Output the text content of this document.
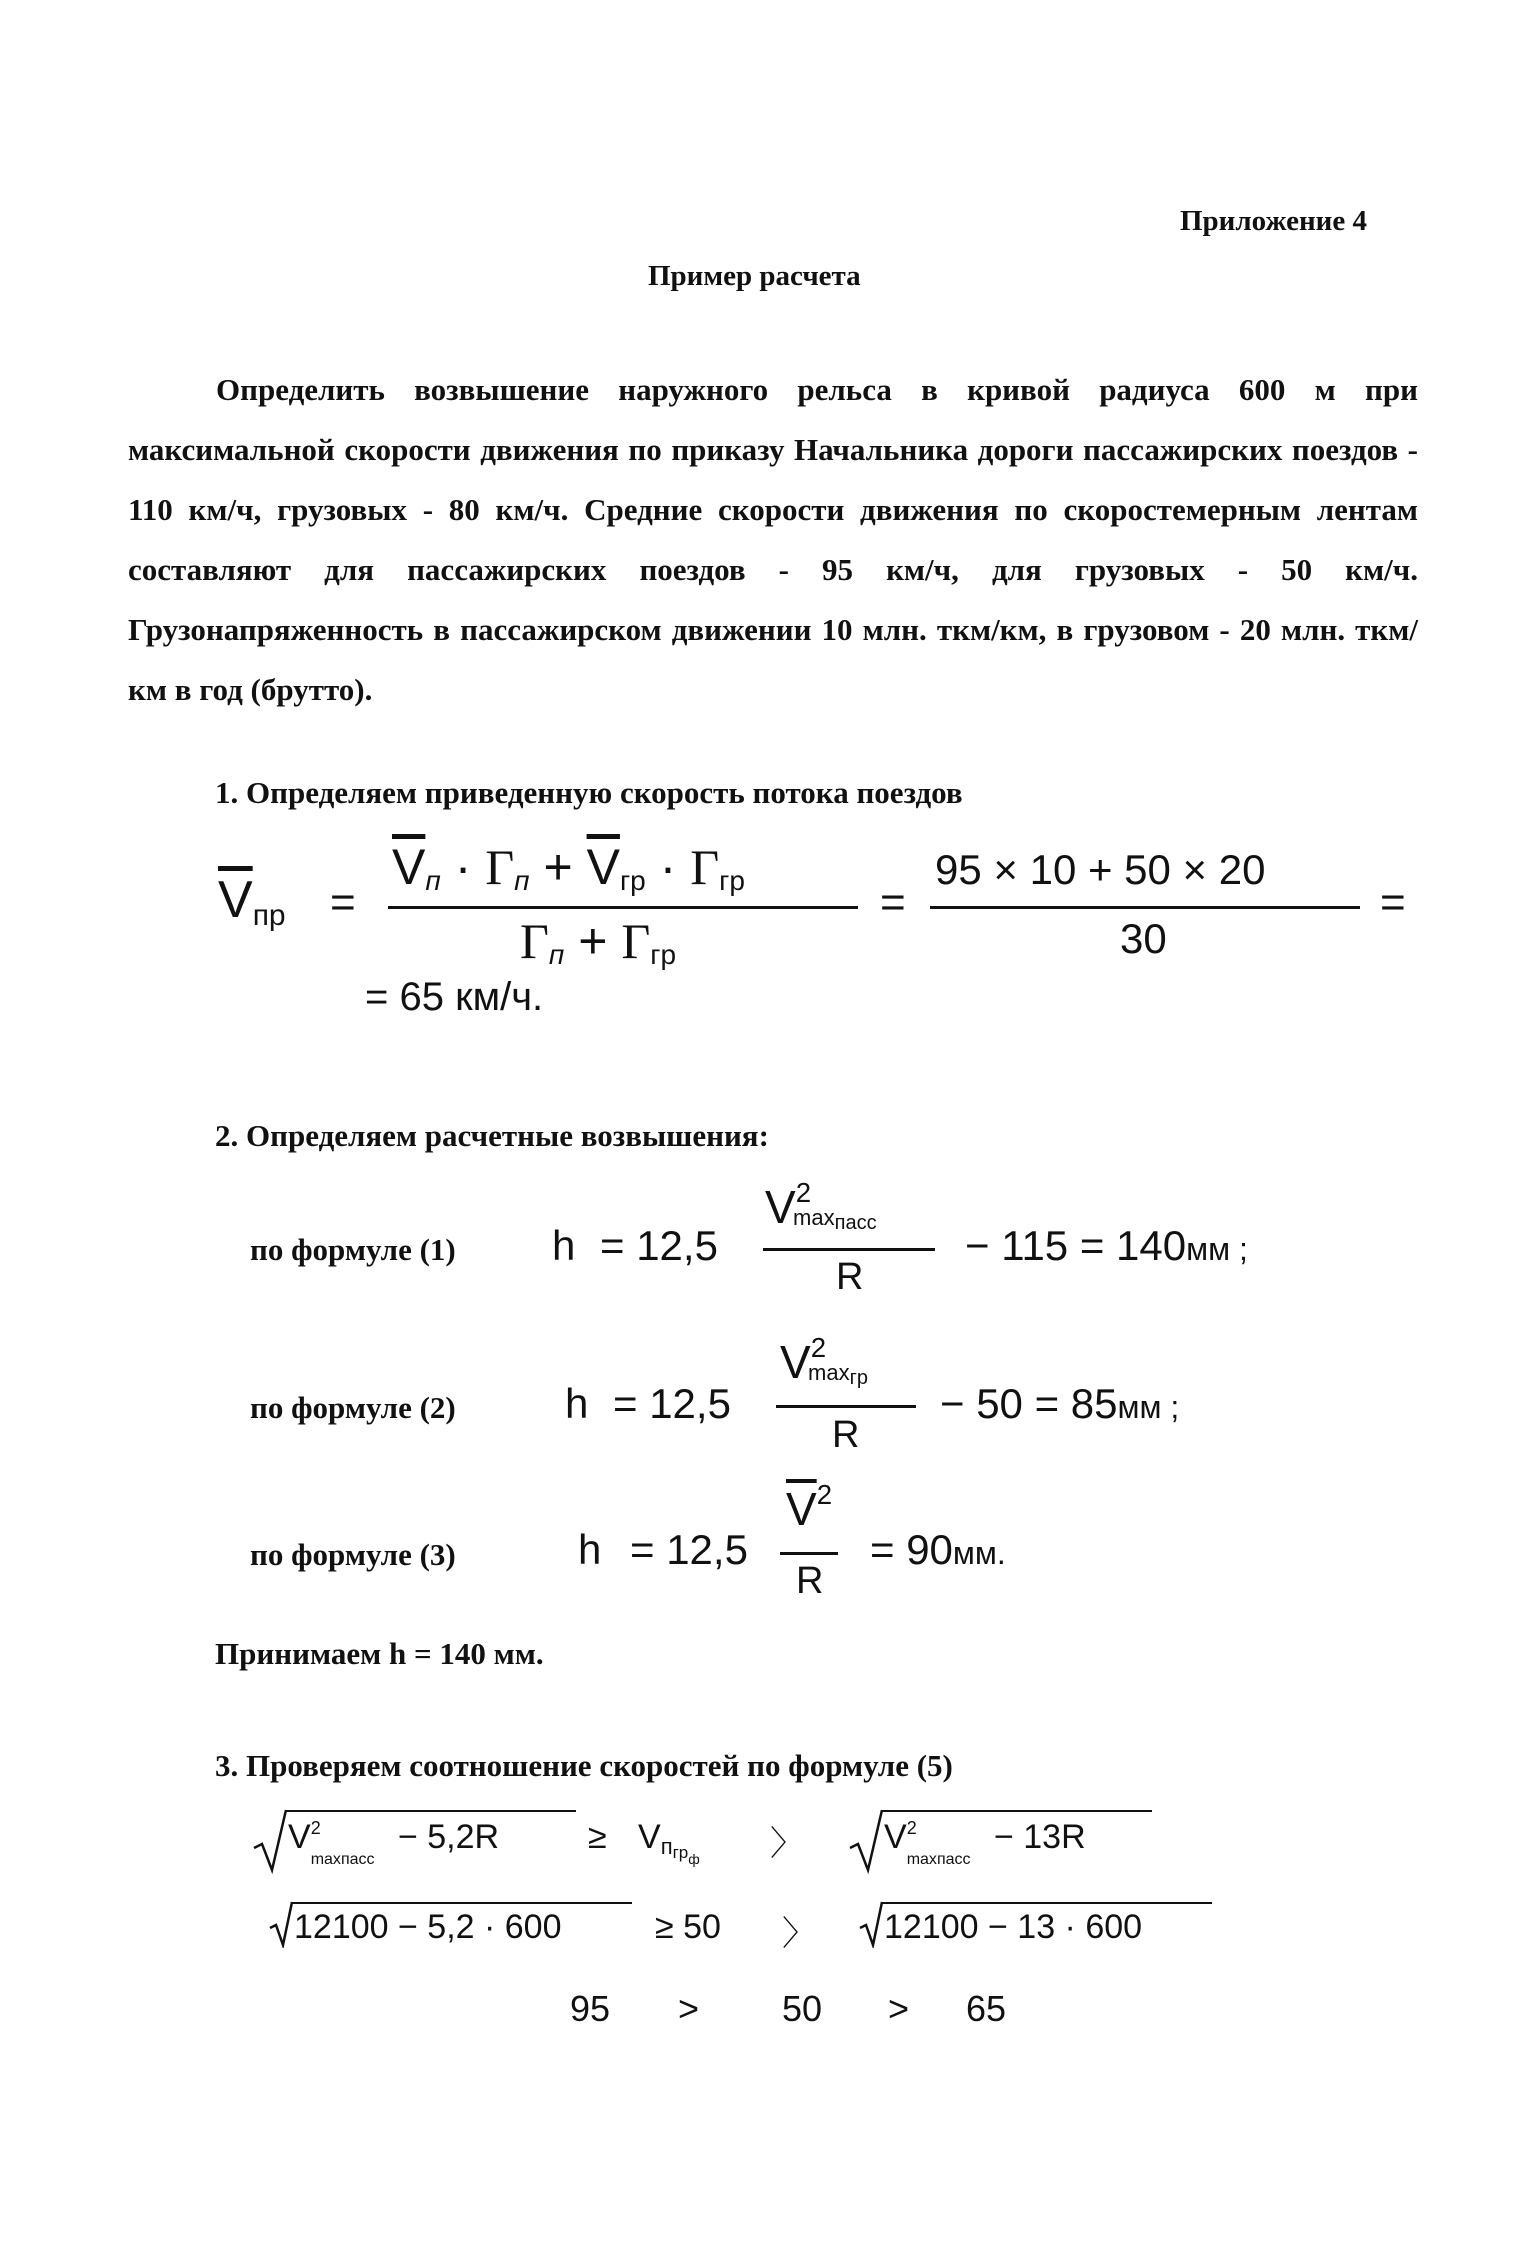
Приложение 4
Пример расчета

Определить возвышение наружного рельса в кривой радиуса 600 м при максимальной скорости движения по приказу Начальника дороги пассажирских поездов - 110 км/ч, грузовых - 80 км/ч. Средние скорости движения по скоростемерным лентам составляют для пассажирских поездов - 95 км/ч, для грузовых - 50 км/ч. Грузонапряженность в пассажирском движении 10 млн. ткм/км, в грузовом - 20 млн. ткм/км в год (брутто).

1. Определяем приведенную скорость потока поездов
$\overline{V}пр$ =
$\overline{V}п$ · Гп + $\overline{V}гр$ · Ггр
Гп + Ггр
=
95 × 10 + 50 × 20
30
=
= 65 км/ч.
2. Определяем расчетные возвышения:
по формуле (1) h = 12,5
$V^2\max пасс$
R
− 115 = 140мм ;
по формуле (2)	h = 12,5
$V^2\max гр$
R
− 50 = 85мм ;
по формуле (3)	h = 12,5
$\overline{V}^2$
R
= 90мм.
Принимаем h = 140 мм.
3. Проверяем соотношение скоростей по формуле (5)
$V^2_{maxпасс} - 5,2R$	≥ $Vп_{грф}$ 〉 $V^2_{maxпасс} - 13R$
12100 − 5,2 · 600	≥ 50 〉 12100 − 13 · 600
95 > 50 > 65
